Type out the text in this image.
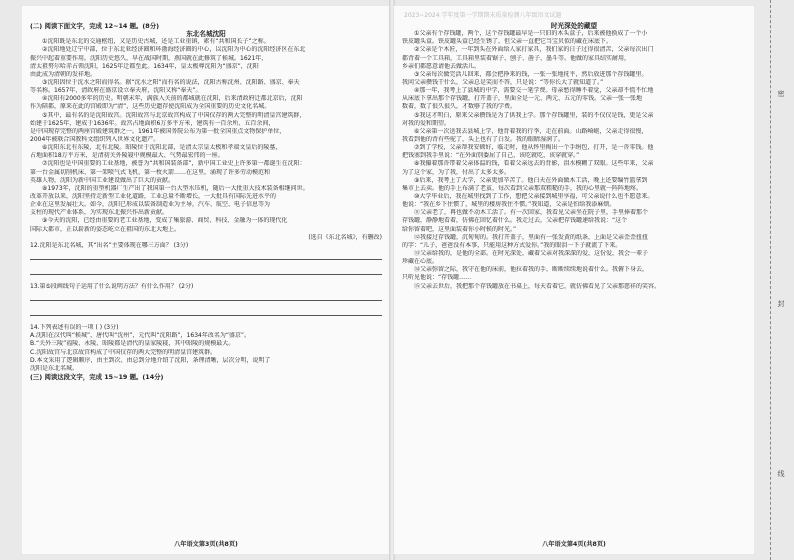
(二) 阅读下面文字，完成 12~14 题。(8分)
东北名城沈阳
①沈阳既是东北的交通枢纽，又是历史古城，还是工业重镇，素有“共和国长子”之称。
②沈阳地处辽宁中部，位于东北亚经济圈和环渤海经济圈的中心，以沈阳为中心的沈阳经济区在东北
振兴中起着重要作用。沈阳历史悠久，早在战国时期，燕国就在此修筑了候城。1621年，
清太祖努尔哈赤占领沈阳，1625年迁都至此。1634年，皇太极尊沈阳为“盛京”，沈阳
由此成为清朝的发祥地。
③沈阳因位于沈水之阳而得名。据“沈水之阳”而有名的说法，沈阳古称沈州、沈阳路、盛京、奉天
等名称。1657年，清政府在盛京设立奉天府，沈阳又称“奉天”。
④沈阳有2000多年的历史。明朝末年，满族入关前的都城就在沈阳，后来清政府迁都北京后，沈阳
作为陪都，原来在此的宫殿即为“清”，这些历史遗存使沈阳成为全国重要的历史文化名城。
⑤其中，最有名的是沈阳故宫。沈阳故宫与北京故宫构成了中国仅存的两大完整的明清皇宫建筑群，
始建于1625年，建成于1636年。故宫占地面积6万多平方米，建筑有一百余所、五百余间，
是中国现存完整的两座宫殿建筑群之一。1961年被国务院公布为第一批全国重点文物保护单位，
2004年被联合国教科文组织列入世界文化遗产。
⑥沈阳东北有东陵，北有北陵。昭陵位于沈阳北部，是清太宗皇太极和孝端文皇后的陵墓，
占地面积18万平方米，是清初关外陵寝中规模最大、气势最宏伟的一座。
⑦沈阳也是中国重要的工业基地，被誉为“共和国装备部”，新中国工业史上许多第一都诞生在沈阳：
第一台金属切削机床、第一架喷气式飞机、第一枚火箭……在这里，涌现了许多劳动模范和
英雄人物，沈阳为新中国工业建设做出了巨大的贡献。
⑧1973年，沈阳的重型机器厂生产出了我国第一台大型水压机，随后一大批重大技术装备相继问世。
改革开放以来，沈阳坚持走新型工业化道路，工业总量不断增长，一大批具有国际先进水平的
企业在这里发展壮大。如今，沈阳已形成以装备制造业为主导，汽车、航空、电子信息等为
支柱的现代产业体系，为实现东北振兴作出新贡献。
⑨今天的沈阳，已经由重要的老工业基地，变成了集旅游、商贸、科技、金融为一体的现代化
国际大都市，正以崭新的姿态屹立在祖国的东北大地上。
(选自《东北名城》，有删改)
12.沈阳是东北名城，其“出名”主要体现在哪三方面？ (3分)
13.第⑤段画线句子运用了什么说明方法？有什么作用？ (2分)
14.下列表述有误的一项 ( ) (3分)
A.沈阳在汉代叫“候城”，唐代叫“沈州”，元代叫“沈阳路”，1634年改名为“盛京”。
B.“关外三陵”福陵、永陵、昭陵都是清代的皇家陵寝，其中昭陵的规模最大。
C.沈阳故宫与北京故宫构成了中国仅存的两大完整的明清皇宫建筑群。
D.本文采用了逻辑顺序，由主到次、由总到分地介绍了沈阳，条理清晰，层次分明，说明了
沈阳是东北名城。
(三) 阅读这段文字，完成 15~19 题。(14分)
八年语文第3页(共8页)
2023~2024 学年度第一学期期末质量检测八年级语文试题
时光深处的藏望
①父亲有个存钱罐，两个，这个存钱罐最早是一只旧的木头盒子，后来被他换成了一个小
铁皮罐头盒。铁皮罐头盒已经生锈了，但父亲一直把它当宝贝似的藏在床底下。
②父亲是个木匠，一年到头在外面给人家打家具，我们家的日子过得很清苦，父亲每次出门
都背着一个工具箱，工具箱里装着锯子、刨子、凿子、墨斗等。他做的家具结实耐用，
乡亲们都愿意请他去做活儿。
③父亲每次做完活儿回来，都会把挣来的钱，一张一张地抚平，然后放进那个存钱罐里。
我问父亲攒钱干什么，父亲总是笑而不答，只是说：“等你长大了就知道了。”
④那一年，我考上了县城的中学，需要交一笔学费。母亲愁得睡不着觉，父亲却不慌不忙地
从床底下拿出那个存钱罐，打开盖子，里面全是一元、两元、五元的零钱。父亲一张一张地
数着，数了很久很久，才数够了我的学费。
⑤我这才明白，原来父亲攒钱是为了供我上学。那个存钱罐里，装的不仅仅是钱，更是父亲
对我的爱和期望。
⑥父亲第一次送我去县城上学，他背着我的行李，走在前面。山路崎岖，父亲走得很慢，
我看到他的背有些驼了，头上也有了白发。我的眼睛湿润了。
⑦到了学校，父亲帮我安顿好，临走时，他从怀里掏出一个手绢包，打开，是一沓零钱。他
把钱塞到我手里说：“在外面别委屈了自己，该吃就吃，该穿就穿。”
⑧我攥着那沓带着父亲体温的钱，看着父亲远去的背影，泪水模糊了双眼。这些年来，父亲
为了这个家，为了我，付出了太多太多。
⑨后来，我考上了大学，父亲更加辛苦了。他白天在外面做木工活，晚上还要编竹篮拿到
集市上去卖。他的手上布满了老茧，每次看到父亲那双粗糙的手，我的心里就一阵阵地疼。
⑩大学毕业后，我在城里找到了工作，想把父亲接到城里享福，可父亲说什么也不愿意来。
他说：“我在乡下住惯了，城里的楼房我住不惯。”我知道，父亲是怕给我添麻烦。
⑪父亲老了，再也做不动木工活了。有一次回家，我看见父亲坐在院子里，手里捧着那个
存钱罐，静静地看着，仿佛在回忆着什么。我走过去，父亲把存钱罐递给我说：“这个
给你留着吧，这里面装着你小时候的时光。”
⑫我接过存钱罐，沉甸甸的。我打开盖子，里面有一张发黄的纸条，上面是父亲歪歪扭扭
的字：“儿子，爸爸没有本事，只能用这种方式爱你。”我的眼泪一下子就流了下来。
⑬父亲给我的，是他的全部。在时光深处，藏着父亲对我深深的爱，这份爱，我会一辈子
珍藏在心底。
⑭父亲弥留之际，我守在他的床前，他拉着我的手，断断续续地说着什么。我俯下身去，
只听见他说：“存钱罐……
⑮父亲去世后，我把那个存钱罐放在书桌上，每天看着它，就仿佛看见了父亲那慈祥的笑容。
八年语文第4页(共8页)
密
封
线
